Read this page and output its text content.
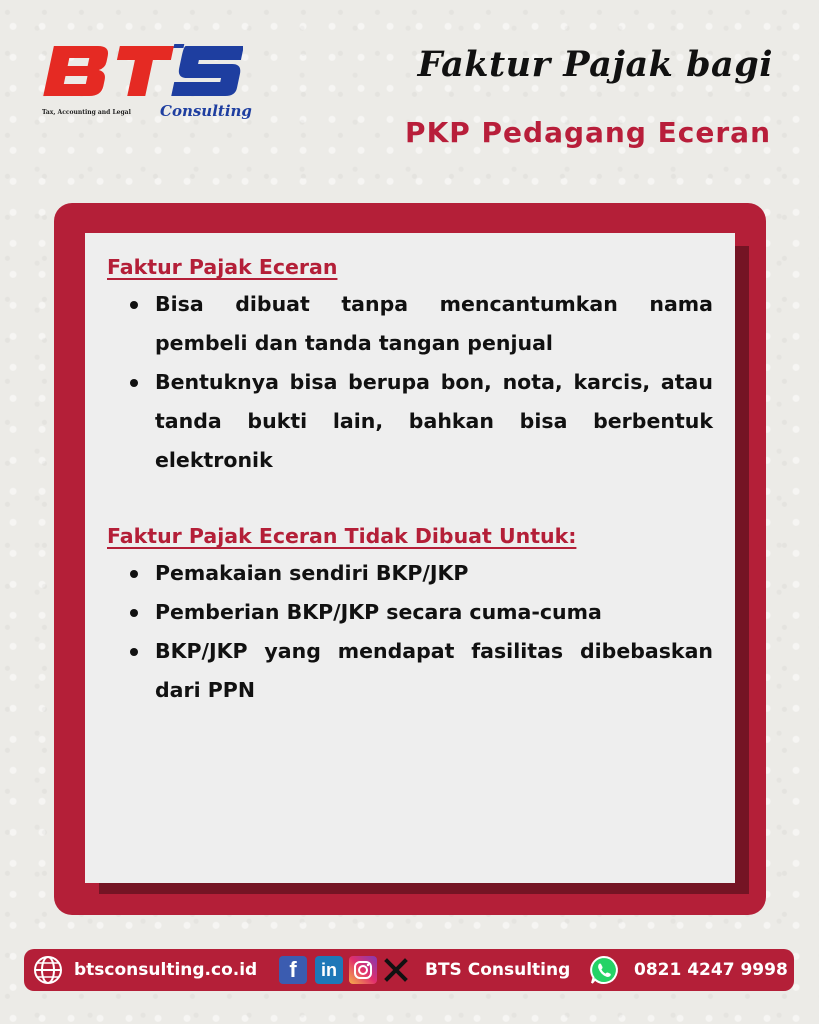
Tax, Accounting and Legal Consulting
Faktur Pajak bagi
PKP Pedagang Eceran
Faktur Pajak Eceran
Bisa dibuat tanpa mencantumkan nama pembeli dan tanda tangan penjual
Bentuknya bisa berupa bon, nota, karcis, atau tanda bukti lain, bahkan bisa berbentuk elektronik
Faktur Pajak Eceran Tidak Dibuat Untuk:
Pemakaian sendiri BKP/JKP
Pemberian BKP/JKP secara cuma-cuma
BKP/JKP yang mendapat fasilitas dibebaskan dari PPN
btsconsulting.co.id	f	in	BTS Consulting	0821 4247 9998
